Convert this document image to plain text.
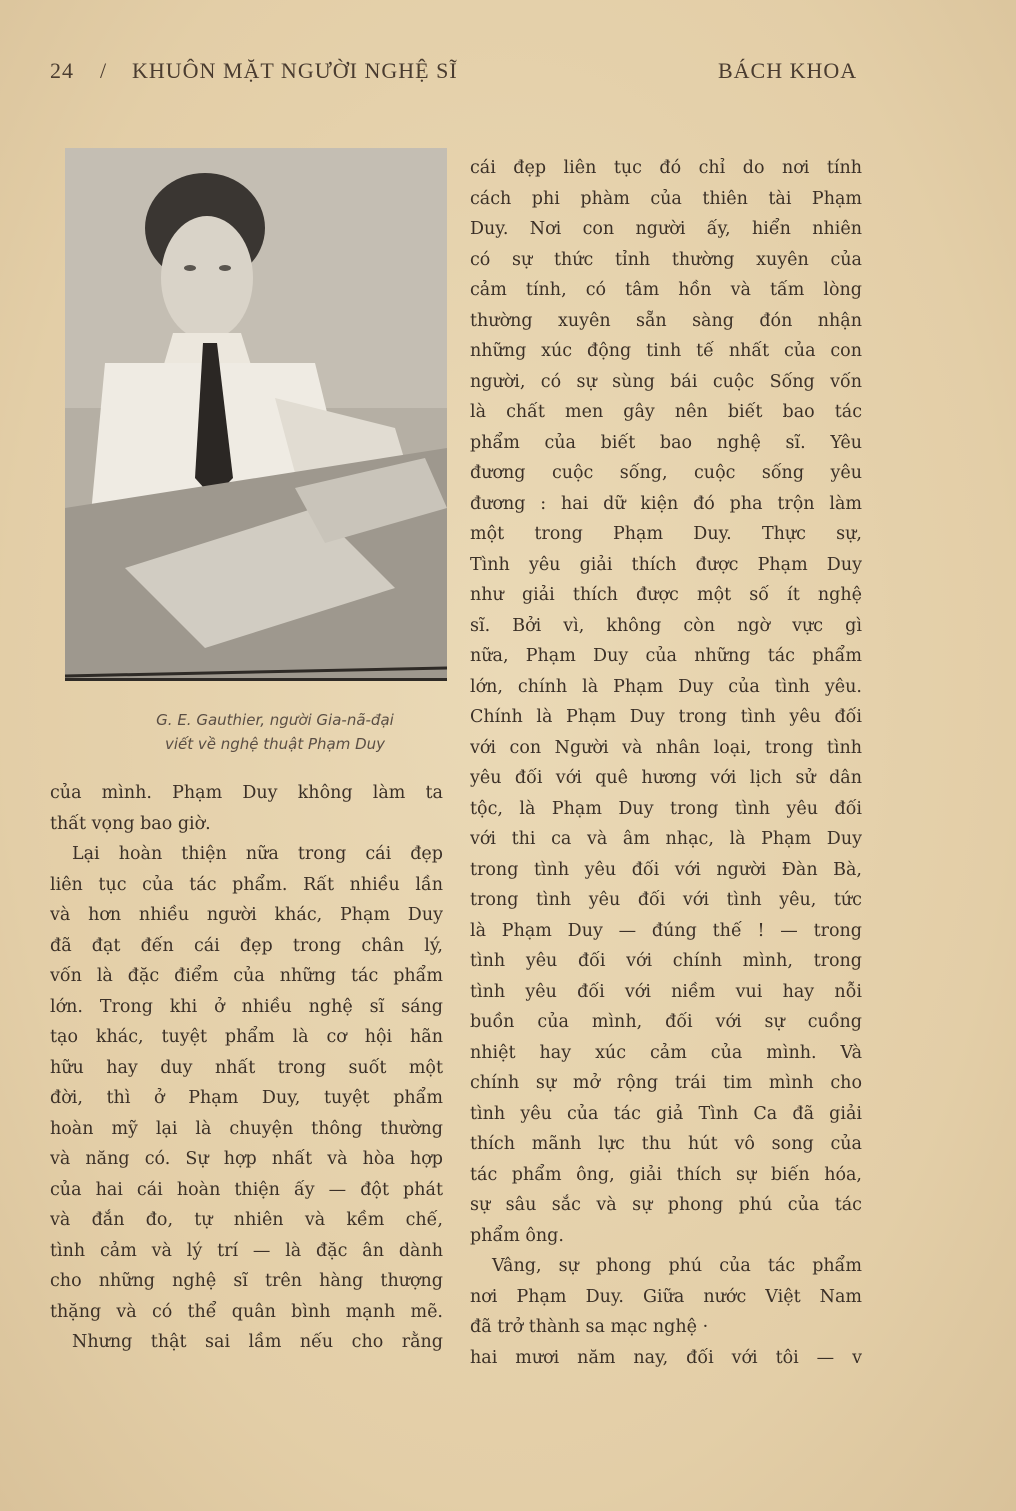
24 / KHUÔN MẶT NGƯỜI NGHỆ SĨ	BÁCH KHOA
G. E. Gauthier, người Gia-nã-đại
viết về nghệ thuật Phạm Duy
của mình. Phạm Duy không làm ta
thất vọng bao giờ.
Lại hoàn thiện nữa trong cái đẹp
liên tục của tác phẩm. Rất nhiều lần
và hơn nhiều người khác, Phạm Duy
đã đạt đến cái đẹp trong chân lý,
vốn là đặc điểm của những tác phẩm
lớn. Trong khi ở nhiều nghệ sĩ sáng
tạo khác, tuyệt phẩm là cơ hội hãn
hữu hay duy nhất trong suốt một
đời, thì ở Phạm Duy, tuyệt phẩm
hoàn mỹ lại là chuyện thông thường
và năng có. Sự hợp nhất và hòa hợp
của hai cái hoàn thiện ấy — đột phát
và đắn đo, tự nhiên và kềm chế,
tình cảm và lý trí — là đặc ân dành
cho những nghệ sĩ trên hàng thượng
thặng và có thể quân bình mạnh mẽ.
Nhưng thật sai lầm nếu cho rằng
cái đẹp liên tục đó chỉ do nơi tính
cách phi phàm của thiên tài Phạm
Duy. Nơi con người ấy, hiển nhiên
có sự thức tỉnh thường xuyên của
cảm tính, có tâm hồn và tấm lòng
thường xuyên sẵn sàng đón nhận
những xúc động tinh tế nhất của con
người, có sự sùng bái cuộc Sống vốn
là chất men gây nên biết bao tác
phẩm của biết bao nghệ sĩ. Yêu
đương cuộc sống, cuộc sống yêu
đương : hai dữ kiện đó pha trộn làm
một trong Phạm Duy. Thực sự,
Tình yêu giải thích được Phạm Duy
như giải thích được một số ít nghệ
sĩ. Bởi vì, không còn ngờ vực gì
nữa, Phạm Duy của những tác phẩm
lớn, chính là Phạm Duy của tình yêu.
Chính là Phạm Duy trong tình yêu đối
với con Người và nhân loại, trong tình
yêu đối với quê hương với lịch sử dân
tộc, là Phạm Duy trong tình yêu đối
với thi ca và âm nhạc, là Phạm Duy
trong tình yêu đối với người Đàn Bà,
trong tình yêu đối với tình yêu, tức
là Phạm Duy — đúng thế ! — trong
tình yêu đối với chính mình, trong
tình yêu đối với niềm vui hay nỗi
buồn của mình, đối với sự cuồng
nhiệt hay xúc cảm của mình. Và
chính sự mở rộng trái tim mình cho
tình yêu của tác giả Tình Ca đã giải
thích mãnh lực thu hút vô song của
tác phẩm ông, giải thích sự biến hóa,
sự sâu sắc và sự phong phú của tác
phẩm ông.
Vâng, sự phong phú của tác phẩm
nơi Phạm Duy. Giữa nước Việt Nam
đã trở thành sa mạc nghệ ·
hai mươi năm nay, đối với tôi — v
